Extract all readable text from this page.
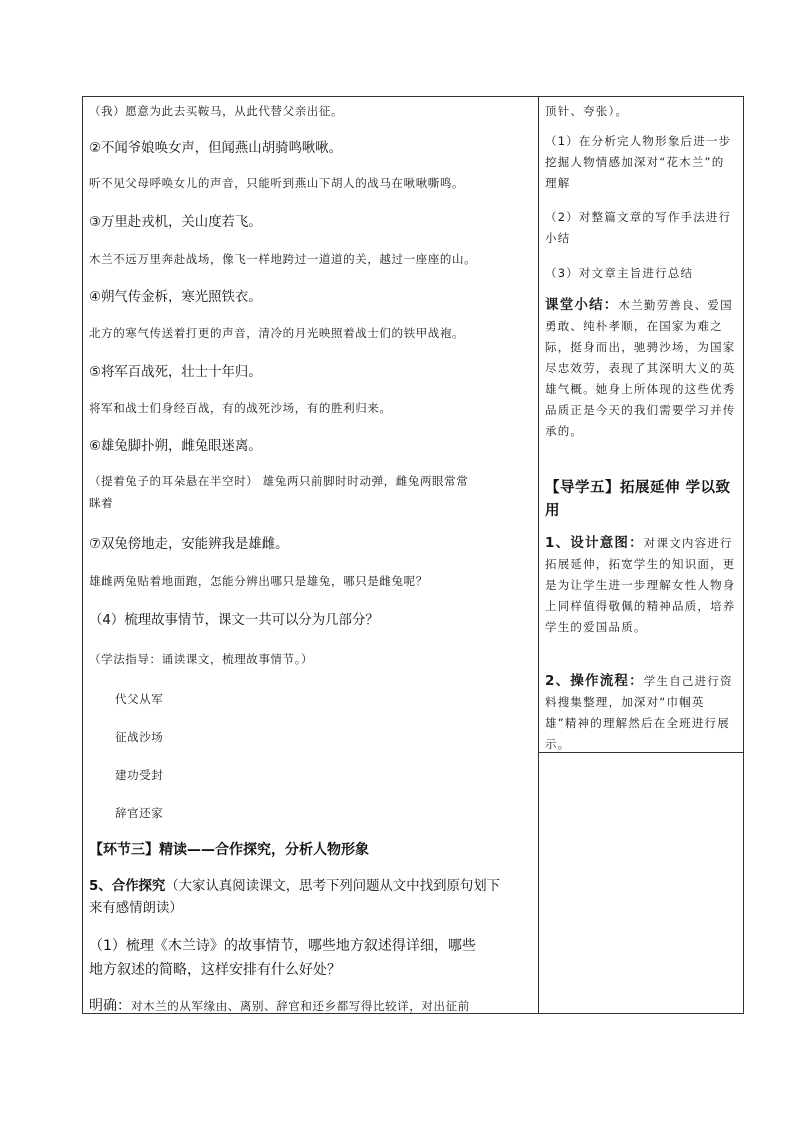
（我）愿意为此去买鞍马，从此代替父亲出征。
②不闻爷娘唤女声，但闻燕山胡骑鸣啾啾。
听不见父母呼唤女儿的声音，只能听到燕山下胡人的战马在啾啾嘶鸣。
③万里赴戎机，关山度若飞。
木兰不远万里奔赴战场，像飞一样地跨过一道道的关，越过一座座的山。
④朔气传金柝，寒光照铁衣。
北方的寒气传送着打更的声音，清冷的月光映照着战士们的铁甲战袍。
⑤将军百战死，壮士十年归。
将军和战士们身经百战，有的战死沙场，有的胜利归来。
⑥雄兔脚扑朔，雌兔眼迷离。
（提着兔子的耳朵悬在半空时） 雄兔两只前脚时时动弹，雌兔两眼常常
眯着
⑦双兔傍地走，安能辨我是雄雌。
雄雌两兔贴着地面跑，怎能分辨出哪只是雄兔，哪只是雌兔呢？
（4）梳理故事情节，课文一共可以分为几部分？
（学法指导：诵读课文，梳理故事情节。）
代父从军
征战沙场
建功受封
辞官还家
【环节三】精读——合作探究，分析人物形象
5、合作探究（大家认真阅读课文，思考下列问题从文中找到原句划下
来有感情朗读）
（1）梳理《木兰诗》的故事情节，哪些地方叙述得详细，哪些
地方叙述的简略，这样安排有什么好处？
明确：对木兰的从军缘由、离别、辞官和还乡都写得比较详，对出征前
顶针、夸张）。
（1）在分析完人物形象后进一步挖掘人物情感加深对“花木兰”的理解
（2）对整篇文章的写作手法进行小结
（3）对文章主旨进行总结
课堂小结：木兰勤劳善良、爱国勇敢、纯朴孝顺，在国家为难之际，挺身而出，驰骋沙场，为国家尽忠效劳，表现了其深明大义的英雄气概。她身上所体现的这些优秀品质正是今天的我们需要学习并传承的。
【导学五】拓展延伸 学以致用
1、设计意图：对课文内容进行拓展延伸，拓宽学生的知识面，更是为让学生进一步理解女性人物身上同样值得敬佩的精神品质，培养学生的爱国品质。
2、操作流程：学生自己进行资料搜集整理，加深对“巾帼英雄”精神的理解然后在全班进行展示。
